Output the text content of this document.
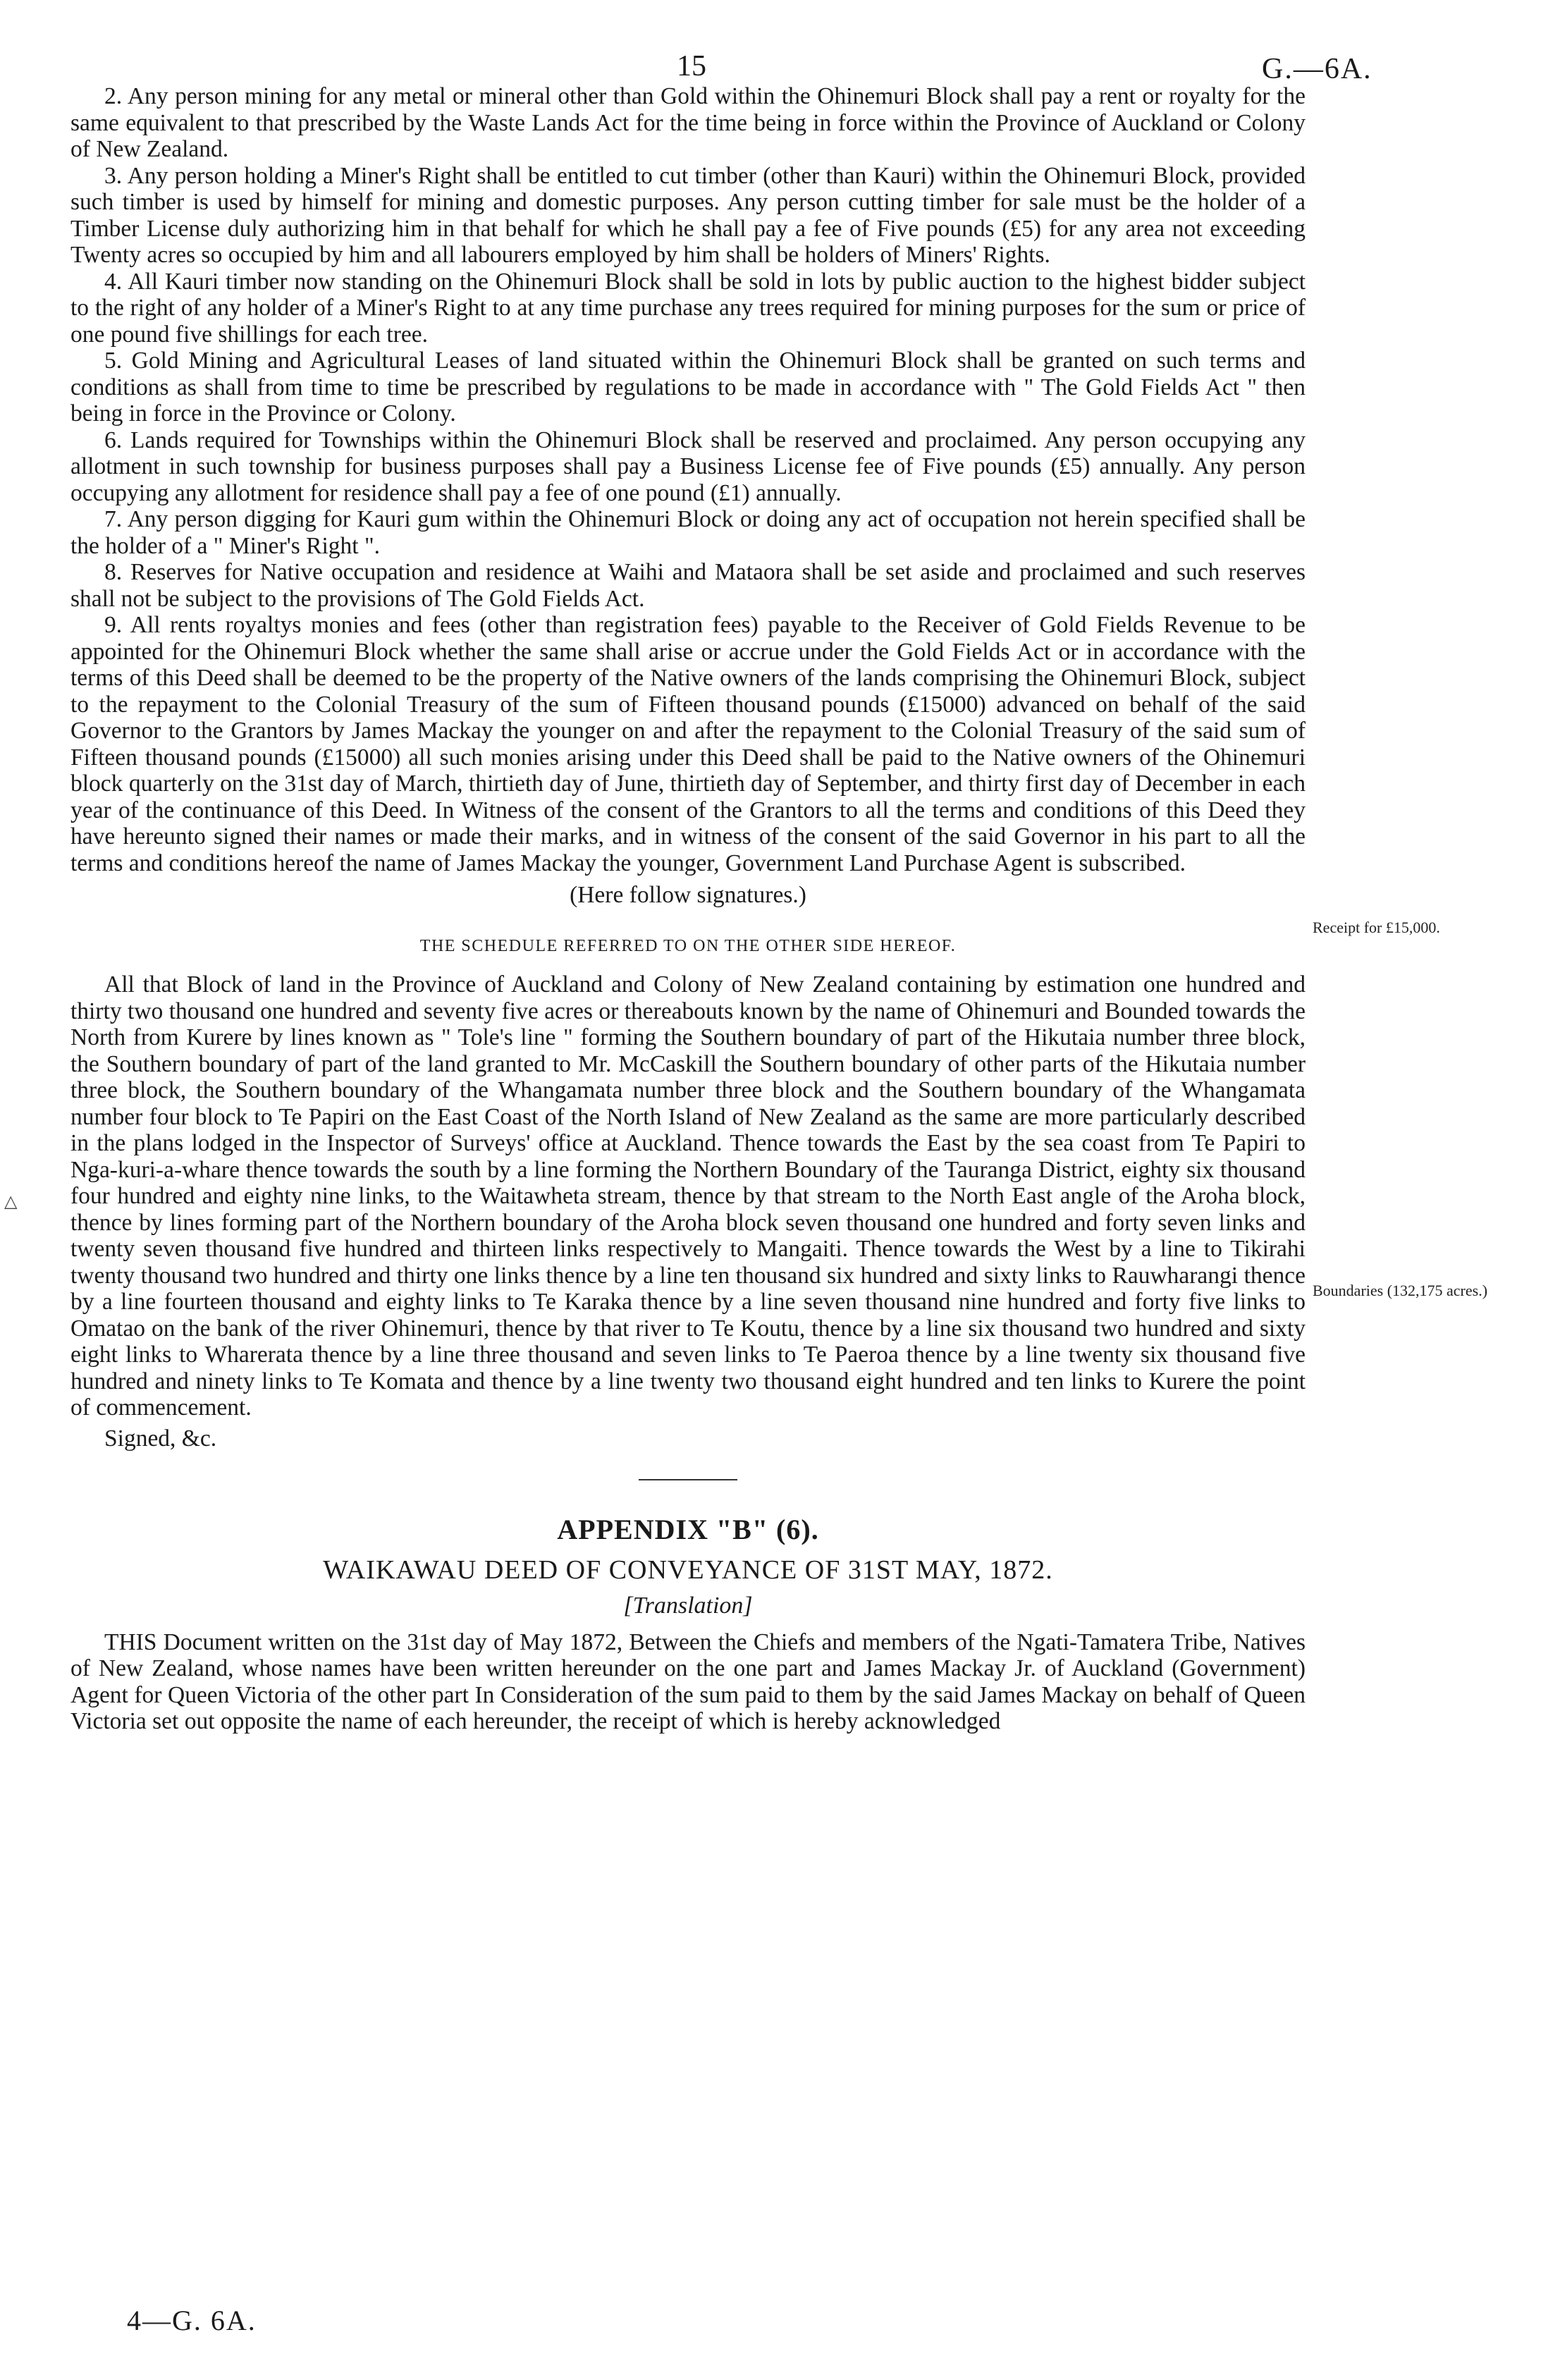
15	G.—6A.
△
Receipt for £15,000.
Boundaries (132,175 acres.)

2. Any person mining for any metal or mineral other than Gold within the Ohinemuri Block shall pay a rent or royalty for the same equivalent to that prescribed by the Waste Lands Act for the time being in force within the Province of Auckland or Colony of New Zealand.

3. Any person holding a Miner's Right shall be entitled to cut timber (other than Kauri) within the Ohinemuri Block, provided such timber is used by himself for mining and domestic purposes. Any person cutting timber for sale must be the holder of a Timber License duly authorizing him in that behalf for which he shall pay a fee of Five pounds (£5) for any area not exceeding Twenty acres so occupied by him and all labourers employed by him shall be holders of Miners' Rights.

4. All Kauri timber now standing on the Ohinemuri Block shall be sold in lots by public auction to the highest bidder subject to the right of any holder of a Miner's Right to at any time purchase any trees required for mining purposes for the sum or price of one pound five shillings for each tree.

5. Gold Mining and Agricultural Leases of land situated within the Ohinemuri Block shall be granted on such terms and conditions as shall from time to time be prescribed by regulations to be made in accordance with " The Gold Fields Act " then being in force in the Province or Colony.

6. Lands required for Townships within the Ohinemuri Block shall be reserved and proclaimed. Any person occupying any allotment in such township for business purposes shall pay a Business License fee of Five pounds (£5) annually. Any person occupying any allotment for residence shall pay a fee of one pound (£1) annually.

7. Any person digging for Kauri gum within the Ohinemuri Block or doing any act of occupation not herein specified shall be the holder of a " Miner's Right ".

8. Reserves for Native occupation and residence at Waihi and Mataora shall be set aside and proclaimed and such reserves shall not be subject to the provisions of The Gold Fields Act.

9. All rents royaltys monies and fees (other than registration fees) payable to the Receiver of Gold Fields Revenue to be appointed for the Ohinemuri Block whether the same shall arise or accrue under the Gold Fields Act or in accordance with the terms of this Deed shall be deemed to be the property of the Native owners of the lands comprising the Ohinemuri Block, subject to the repayment to the Colonial Treasury of the sum of Fifteen thousand pounds (£15000) advanced on behalf of the said Governor to the Grantors by James Mackay the younger on and after the repayment to the Colonial Treasury of the said sum of Fifteen thousand pounds (£15000) all such monies arising under this Deed shall be paid to the Native owners of the Ohinemuri block quarterly on the 31st day of March, thirtieth day of June, thirtieth day of September, and thirty first day of December in each year of the continuance of this Deed. In Witness of the consent of the Grantors to all the terms and conditions of this Deed they have hereunto signed their names or made their marks, and in witness of the consent of the said Governor in his part to all the terms and conditions hereof the name of James Mackay the younger, Government Land Purchase Agent is subscribed.

(Here follow signatures.)
THE SCHEDULE REFERRED TO ON THE OTHER SIDE HEREOF.

All that Block of land in the Province of Auckland and Colony of New Zealand containing by estimation one hundred and thirty two thousand one hundred and seventy five acres or thereabouts known by the name of Ohinemuri and Bounded towards the North from Kurere by lines known as " Tole's line " forming the Southern boundary of part of the Hikutaia number three block, the Southern boundary of part of the land granted to Mr. McCaskill the Southern boundary of other parts of the Hikutaia number three block, the Southern boundary of the Whangamata number three block and the Southern boundary of the Whangamata number four block to Te Papiri on the East Coast of the North Island of New Zealand as the same are more particularly described in the plans lodged in the Inspector of Surveys' office at Auckland. Thence towards the East by the sea coast from Te Papiri to Nga-kuri-a-whare thence towards the south by a line forming the Northern Boundary of the Tauranga District, eighty six thousand four hundred and eighty nine links, to the Waitawheta stream, thence by that stream to the North East angle of the Aroha block, thence by lines forming part of the Northern boundary of the Aroha block seven thousand one hundred and forty seven links and twenty seven thousand five hundred and thirteen links respectively to Mangaiti. Thence towards the West by a line to Tikirahi twenty thousand two hundred and thirty one links thence by a line ten thousand six hundred and sixty links to Rauwharangi thence by a line fourteen thousand and eighty links to Te Karaka thence by a line seven thousand nine hundred and forty five links to Omatao on the bank of the river Ohinemuri, thence by that river to Te Koutu, thence by a line six thousand two hundred and sixty eight links to Wharerata thence by a line three thousand and seven links to Te Paeroa thence by a line twenty six thousand five hundred and ninety links to Te Komata and thence by a line twenty two thousand eight hundred and ten links to Kurere the point of commencement.

Signed, &c.
APPENDIX "B" (6).
WAIKAWAU DEED OF CONVEYANCE OF 31ST MAY, 1872.
[Translation]

THIS Document written on the 31st day of May 1872, Between the Chiefs and members of the Ngati-Tamatera Tribe, Natives of New Zealand, whose names have been written hereunder on the one part and James Mackay Jr. of Auckland (Government) Agent for Queen Victoria of the other part In Consideration of the sum paid to them by the said James Mackay on behalf of Queen Victoria set out opposite the name of each hereunder, the receipt of which is hereby acknowledged

4—G. 6A.
